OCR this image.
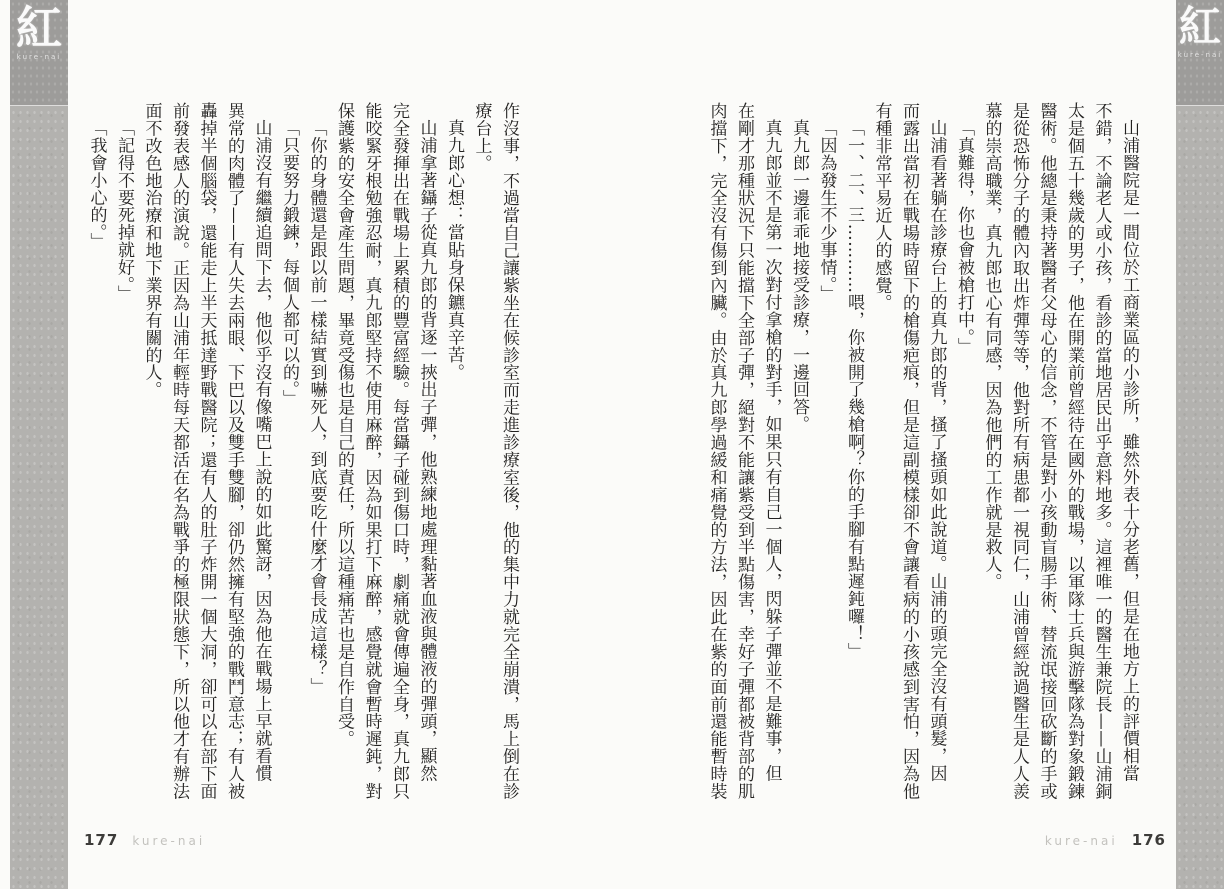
紅
kure-nai
紅
kure-nai
山浦醫院是一間位於工商業區的小診所，雖然外表十分老舊，但是在地方上的評價相當
不錯，不論老人或小孩，看診的當地居民出乎意料地多。這裡唯一的醫生兼院長——山浦銅
太是個五十幾歲的男子，他在開業前曾經待在國外的戰場，以軍隊士兵與游擊隊為對象鍛鍊
醫術。他總是秉持著醫者父母心的信念，不管是對小孩動盲腸手術、替流氓接回砍斷的手或
是從恐怖分子的體內取出炸彈等等，他對所有病患都一視同仁，山浦曾經說過醫生是人人羨
慕的崇高職業，真九郎也心有同感，因為他們的工作就是救人。
「真難得，你也會被槍打中。」
山浦看著躺在診療台上的真九郎的背，搔了搔頭如此說道。山浦的頭完全沒有頭髮，因
而露出當初在戰場時留下的槍傷疤痕，但是這副模樣卻不會讓看病的小孩感到害怕，因為他
有種非常平易近人的感覺。
「一、二、三…………喂，你被開了幾槍啊？你的手腳有點遲鈍囉！」
「因為發生不少事情。」
真九郎一邊乖乖地接受診療，一邊回答。
真九郎並不是第一次對付拿槍的對手，如果只有自己一個人，閃躲子彈並不是難事，但
在剛才那種狀況下只能擋下全部子彈，絕對不能讓紫受到半點傷害，幸好子彈都被背部的肌
肉擋下，完全沒有傷到內臟。由於真九郎學過緩和痛覺的方法，因此在紫的面前還能暫時裝
作沒事，不過當自己讓紫坐在候診室而走進診療室後，他的集中力就完全崩潰，馬上倒在診
療台上。
真九郎心想：當貼身保鑣真辛苦。
山浦拿著鑷子從真九郎的背逐一挾出子彈，他熟練地處理黏著血液與體液的彈頭，顯然
完全發揮出在戰場上累積的豐富經驗。每當鑷子碰到傷口時，劇痛就會傳遍全身，真九郎只
能咬緊牙根勉強忍耐，真九郎堅持不使用麻醉，因為如果打下麻醉，感覺就會暫時遲鈍，對
保護紫的安全會產生問題，畢竟受傷也是自己的責任，所以這種痛苦也是自作自受。
「你的身體還是跟以前一樣結實到嚇死人，到底要吃什麼才會長成這樣？」
「只要努力鍛鍊，每個人都可以的。」
山浦沒有繼續追問下去，他似乎沒有像嘴巴上說的如此驚訝，因為他在戰場上早就看慣
異常的肉體了——有人失去兩眼、下巴以及雙手雙腳，卻仍然擁有堅強的戰鬥意志；有人被
轟掉半個腦袋，還能走上半天抵達野戰醫院；還有人的肚子炸開一個大洞，卻可以在部下面
前發表感人的演說。正因為山浦年輕時每天都活在名為戰爭的極限狀態下，所以他才有辦法
面不改色地治療和地下業界有關的人。
「記得不要死掉就好。」
「我會小心的。」
177 kure-nai	kure-nai 176
